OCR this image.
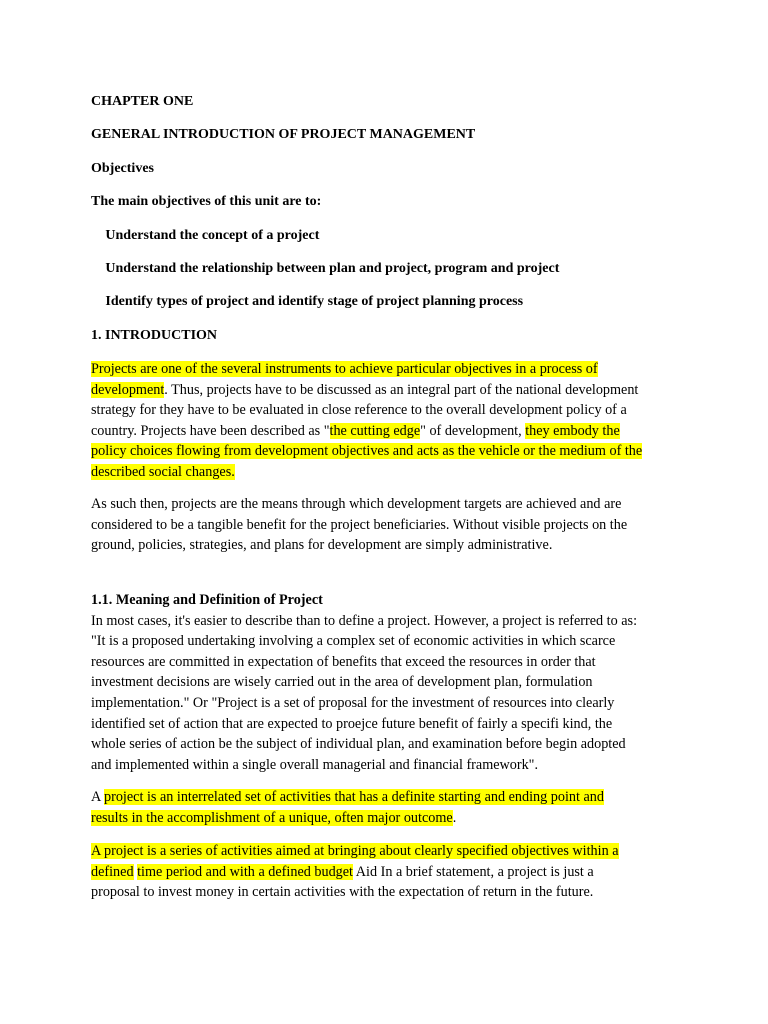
CHAPTER ONE

GENERAL INTRODUCTION OF PROJECT MANAGEMENT

Objectives

The main objectives of this unit are to:

Understand the concept of a project

Understand the relationship between plan and project, program and project

Identify types of project and identify stage of project planning process

1. INTRODUCTION

Projects are one of the several instruments to achieve particular objectives in a process of
development. Thus, projects have to be discussed as an integral part of the national development
strategy for they have to be evaluated in close reference to the overall development policy of a
country. Projects have been described as "the cutting edge" of development, they embody the
policy choices flowing from development objectives and acts as the vehicle or the medium of the
described social changes.
As such then, projects are the means through which development targets are achieved and are
considered to be a tangible benefit for the project beneficiaries. Without visible projects on the
ground, policies, strategies, and plans for development are simply administrative.
1.1. Meaning and Definition of Project
In most cases, it's easier to describe than to define a project. However, a project is referred to as:
"It is a proposed undertaking involving a complex set of economic activities in which scarce
resources are committed in expectation of benefits that exceed the resources in order that
investment decisions are wisely carried out in the area of development plan, formulation
implementation." Or "Project is a set of proposal for the investment of resources into clearly
identified set of action that are expected to proejce future benefit of fairly a specifi kind, the
whole series of action be the subject of individual plan, and examination before begin adopted
and implemented within a single overall managerial and financial framework".
A project is an interrelated set of activities that has a definite starting and ending point and
results in the accomplishment of a unique, often major outcome.
A project is a series of activities aimed at bringing about clearly specified objectives within a
defined time period and with a defined budget Aid In a brief statement, a project is just a
proposal to invest money in certain activities with the expectation of return in the future.
